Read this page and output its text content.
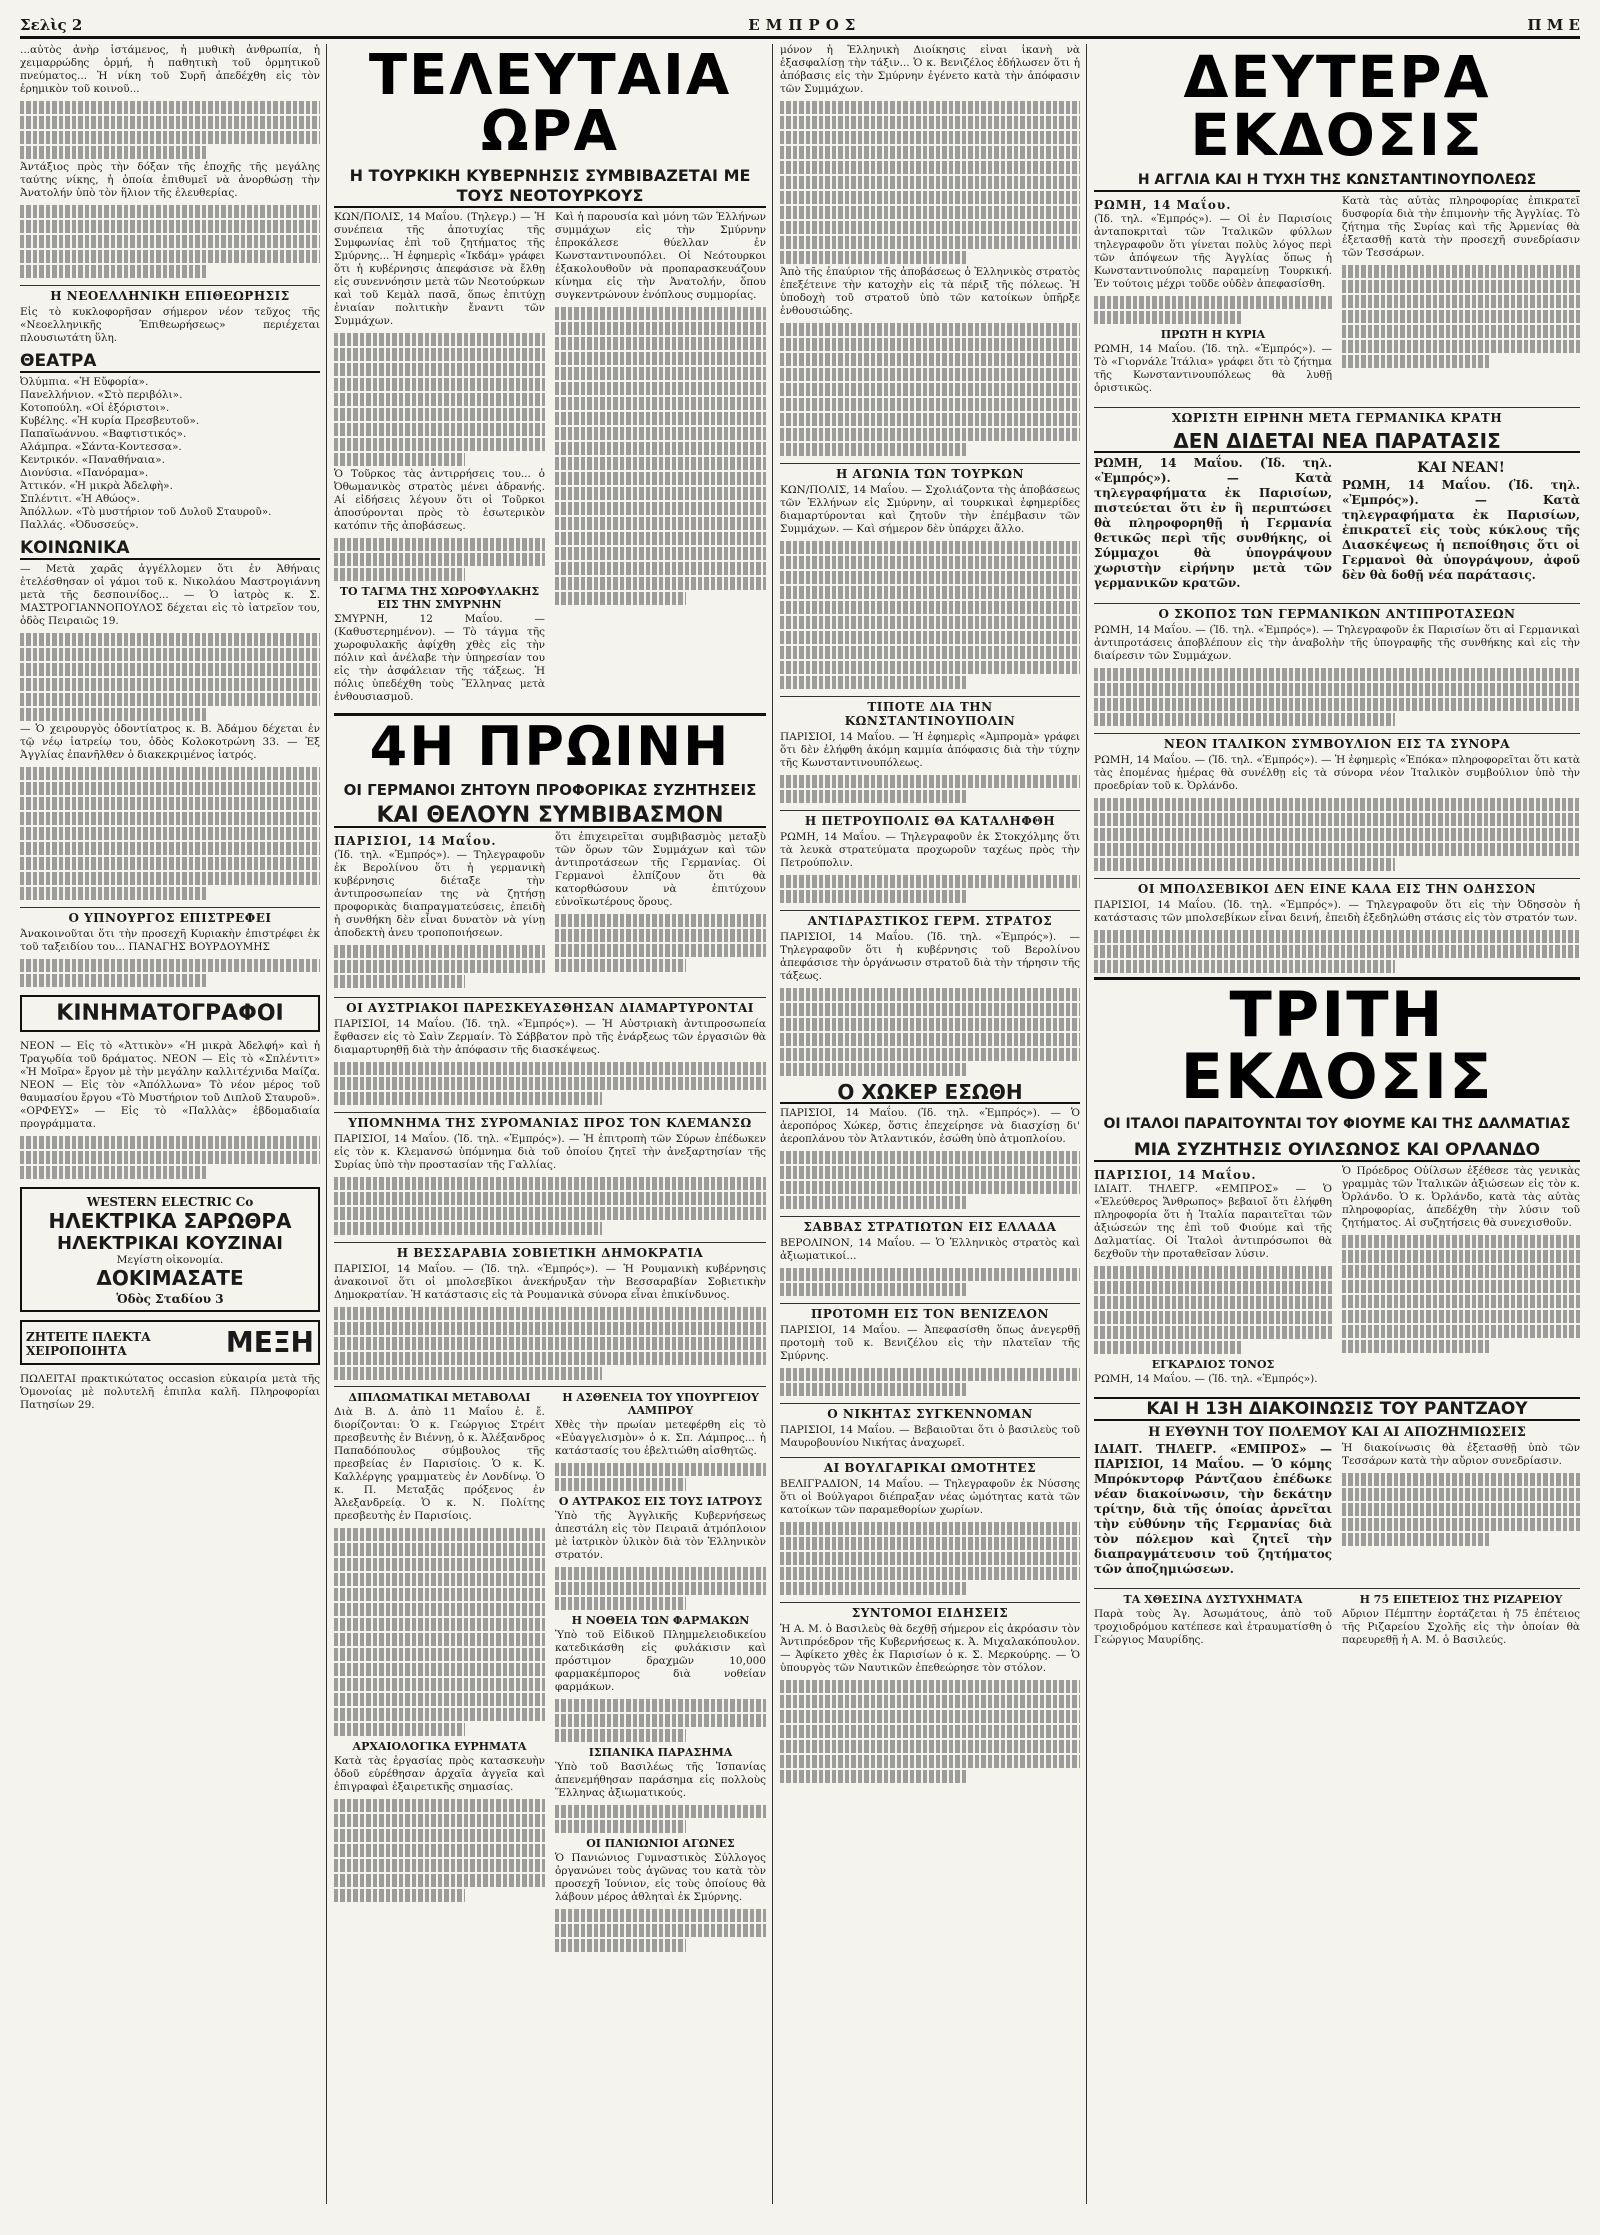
Σελὶς 2	ΕΜΠΡΟΣ	Π Μ Ε

...αὐτὸς ἀνὴρ ἱστάμενος, ἡ μυθικὴ ἀνθρωπία, ἡ χειμαρρώδης ὁρμή, ἡ παθητικὴ τοῦ ὁρμητικοῦ πνεύματος... Ἡ νίκη τοῦ Συρῆ ἀπεδέχθη εἰς τὸν ἐρημικὸν τοῦ κοινοῦ...

Ἀντάξιος πρὸς τὴν δόξαν τῆς ἐποχῆς τῆς μεγάλης ταύτης νίκης, ἡ ὁποία ἐπιθυμεῖ νὰ ἀνορθώσῃ τὴν Ἀνατολήν ὑπὸ τὸν ἥλιον τῆς ἑλευθερίας.

Η ΝΕΟΕΛΛΗΝΙΚΗ ΕΠΙΘΕΩΡΗΣΙΣ

Εἰς τὸ κυκλοφορῆσαν σήμερον νέον τεῦχος τῆς «Νεοελληνικῆς Ἐπιθεωρήσεως» περιέχεται πλουσιωτάτη ὕλη.

ΘΕΑΤΡΑ
Ὀλύμπια. «Ἡ Εὔφορία».
Πανελλήνιον. «Στὸ περιβόλι».
Κοτοπούλη. «Οἱ ἐξόριστοι».
Κυβέλης. «Ἡ κυρία Πρεσβευτοῦ».
Παπαϊωάννου. «Βαφτιστικός».
Αλάμπρα. «Σάντα-Κοντεσσα».
Κεντρικόν. «Παναθήναια».
Διονύσια. «Πανόραμα».
Ἀττικόν. «Ἡ μικρὰ Ἀδελφὴ».
Σπλέντιτ. «Ἡ Αθώος».
Ἀπόλλων. «Τὸ μυστήριον τοῦ Δυλοῦ Σταυροῦ».
Παλλάς. «Ὀδυσσεύς».
ΚΟΙΝΩΝΙΚΑ

— Μετὰ χαρᾶς ἀγγέλλομεν ὅτι ἐν Ἀθήναις ἐτελέσθησαν οἱ γάμοι τοῦ κ. Νικολάου Μαστρογιάννη μετὰ τῆς δεσποινίδος... — Ὁ ἰατρὸς κ. Σ. ΜΑΣΤΡΟΓΙΑΝΝΟΠΟΥΛΟΣ δέχεται εἰς τὸ ἰατρεῖον του, ὁδὸς Πειραιῶς 19.

— Ὁ χειρουργὸς ὀδοντίατρος κ. Β. Ἀδάμου δέχεται ἐν τῷ νέῳ ἰατρείῳ του, ὁδὸς Κολοκοτρώνη 33. — Ἐξ Ἀγγλίας ἐπανῆλθεν ὁ διακεκριμένος ἰατρός.

Ο ΥΠΝΟΥΡΓΟΣ ΕΠΙΣΤΡΕΦΕΙ

Ἀνακοινοῦται ὅτι τὴν προσεχῆ Κυριακὴν ἐπιστρέφει ἐκ τοῦ ταξειδίου του... ΠΑΝΑΓΗΣ ΒΟΥΡΔΟΥΜΗΣ

ΚΙΝΗΜΑΤΟΓΡΑΦΟΙ

ΝΕΟΝ — Εἰς τὸ «Ἀττικὸν» «Ἡ μικρὰ Ἀδελφή» καὶ ἡ Τραγῳδία τοῦ δράματος. ΝΕΟΝ — Εἰς τὸ «Σπλέντιτ» «Ἡ Μοῖρα» ἔργον μὲ τὴν μεγάλην καλλιτέχνιδα Μαίζα. ΝΕΟΝ — Εἰς τὸν «Ἀπόλλωνα» Τὸ νέον μέρος τοῦ θαυμασίου ἔργου «Τὸ Μυστήριον τοῦ Διπλοῦ Σταυροῦ». «ΟΡΦΕΥΣ» — Εἰς τὸ «Παλλὰς» ἐβδομαδιαία προγράμματα.

WESTERN ELECTRIC Co
ΗΛΕΚΤΡΙΚΑ ΣΑΡΩΘΡΑ
ΗΛΕΚΤΡΙΚΑΙ ΚΟΥΖΙΝΑΙ
Μεγίστη οἰκονομία.
ΔΟΚΙΜΑΣΑΤΕ
Ὁδὸς Σταδίου 3
ΖΗΤΕΙΤΕ ΠΛΕΚΤΑ ΧΕΙΡΟΠΟΙΗΤΑ	ΜΕΞΗ

ΠΩΛΕΙΤΑΙ πρακτικώτατος occasion εὐκαιρία μετὰ τῆς Ὁμονοίας μὲ πολυτελῆ ἐπιπλα καλῆ. Πληροφορίαι Πατησίων 29.

ΤΕΛΕΥΤΑΙΑ ΩΡΑ
Η ΤΟΥΡΚΙΚΗ ΚΥΒΕΡΝΗΣΙΣ ΣΥΜΒΙΒΑΖΕΤΑΙ ΜΕ ΤΟΥΣ ΝΕΟΤΟΥΡΚΟΥΣ

ΚΩΝ/ΠΟΛΙΣ, 14 Μαΐου. (Τηλεγρ.) — Ἡ συνέπεια τῆς ἀποτυχίας τῆς Συμφωνίας ἐπὶ τοῦ ζητήματος τῆς Σμύρνης... Ἡ ἐφημερὶς «Ἰκδάμ» γράφει ὅτι ἡ κυβέρνησις ἀπεφάσισε νὰ ἔλθῃ εἰς συνεννόησιν μετὰ τῶν Νεοτούρκων καὶ τοῦ Κεμὰλ πασᾶ, ὅπως ἐπιτύχῃ ἑνιαίαν πολιτικὴν ἔναντι τῶν Συμμάχων.

Ὁ Τοῦρκος τὰς ἀντιρρήσεις του... ὁ Ὀθωμανικὸς στρατὸς μένει ἀδρανής. Αἱ εἰδήσεις λέγουν ὅτι οἱ Τοῦρκοι ἀποσύρονται πρὸς τὸ ἐσωτερικὸν κατόπιν τῆς ἀποβάσεως.

ΤΟ ΤΑΓΜΑ ΤΗΣ ΧΩΡΟΦΥΛΑΚΗΣ ΕΙΣ ΤΗΝ ΣΜΥΡΝΗΝ

ΣΜΥΡΝΗ, 12 Μαΐου. — (Καθυστερημένον). — Τὸ τάγμα τῆς χωροφυλακῆς ἀφίχθη χθὲς εἰς τὴν πόλιν καὶ ἀνέλαβε τὴν ὑπηρεσίαν του εἰς τὴν ἀσφάλειαν τῆς τάξεως. Ἡ πόλις ὑπεδέχθη τοὺς Ἕλληνας μετὰ ἐνθουσιασμοῦ.

Καὶ ἡ παρουσία καὶ μόνη τῶν Ἑλλήνων συμμάχων εἰς τὴν Σμύρνην ἐπροκάλεσε θύελλαν ἐν Κωνσταντινουπόλει. Οἱ Νεότουρκοι ἐξακολουθοῦν νὰ προπαρασκευάζουν κίνημα εἰς τὴν Ἀνατολήν, ὅπου συγκεντρώνουν ἐνόπλους συμμορίας.

4Η ΠΡΩΙΝΗ
ΟΙ ΓΕΡΜΑΝΟΙ ΖΗΤΟΥΝ ΠΡΟΦΟΡΙΚΑΣ ΣΥΖΗΤΗΣΕΙΣ
ΚΑΙ ΘΕΛΟΥΝ ΣΥΜΒΙΒΑΣΜΟΝ
ΠΑΡΙΣΙΟΙ, 14 Μαΐου.

(Ἰδ. τηλ. «Ἐμπρός»). — Τηλεγραφοῦν ἐκ Βερολίνου ὅτι ἡ γερμανικὴ κυβέρνησις διέταξε τὴν ἀντιπροσωπείαν της νὰ ζητήσῃ προφορικὰς διαπραγματεύσεις, ἐπειδὴ ἡ συνθήκη δὲν εἶναι δυνατὸν νὰ γίνῃ ἀποδεκτὴ ἀνευ τροποποιήσεων.

ὅτι ἐπιχειρεῖται συμβιβασμὸς μεταξὺ τῶν ὅρων τῶν Συμμάχων καὶ τῶν ἀντιπροτάσεων τῆς Γερμανίας. Οἱ Γερμανοὶ ἐλπίζουν ὅτι θὰ κατορθώσουν νὰ ἐπιτύχουν εὐνοϊκωτέρους ὅρους.

ΟΙ ΑΥΣΤΡΙΑΚΟΙ ΠΑΡΕΣΚΕΥΑΣΘΗΣΑΝ ΔΙΑΜΑΡΤΥΡΟΝΤΑΙ

ΠΑΡΙΣΙΟΙ, 14 Μαΐου. (Ἰδ. τηλ. «Ἐμπρός»). — Ἡ Αὐστριακὴ ἀντιπροσωπεία ἔφθασεν εἰς τὸ Σαὶν Ζερμαίν. Τὸ Σάββατον πρὸ τῆς ἐνάρξεως τῶν ἐργασιῶν θὰ διαμαρτυρηθῇ διὰ τὴν ἀπόφασιν τῆς διασκέψεως.

ΥΠΟΜΝΗΜΑ ΤΗΣ ΣΥΡΟΜΑΝΙΑΣ ΠΡΟΣ ΤΟΝ ΚΛΕΜΑΝΣΩ

ΠΑΡΙΣΙΟΙ, 14 Μαΐου. (Ἰδ. τηλ. «Ἐμπρός»). — Ἡ ἐπιτροπὴ τῶν Σύρων ἐπέδωκεν εἰς τὸν κ. Κλεμανσώ ὑπόμνημα διὰ τοῦ ὁποίου ζητεῖ τὴν ἀνεξαρτησίαν τῆς Συρίας ὑπὸ τὴν προστασίαν τῆς Γαλλίας.

Η ΒΕΣΣΑΡΑΒΙΑ ΣΟΒΙΕΤΙΚΗ ΔΗΜΟΚΡΑΤΙΑ

ΠΑΡΙΣΙΟΙ, 14 Μαΐου. — (Ἰδ. τηλ. «Ἐμπρός»). — Ἡ Ρουμανικὴ κυβέρνησις ἀνακοινοῖ ὅτι οἱ μπολσεβῖκοι ἀνεκήρυξαν τὴν Βεσσαραβίαν Σοβιετικὴν Δημοκρατίαν. Ἡ κατάστασις εἰς τὰ Ρουμανικὰ σύνορα εἶναι ἐπικίνδυνος.

ΔΙΠΛΩΜΑΤΙΚΑΙ ΜΕΤΑΒΟΛΑΙ

Διὰ Β. Δ. ἀπὸ 11 Μαΐου ἐ. ἔ. διορίζονται: Ὁ κ. Γεώργιος Στρέιτ πρεσβευτὴς ἐν Βιέννῃ, ὁ κ. Ἀλέξανδρος Παπαδόπουλος σύμβουλος τῆς πρεσβείας ἐν Παρισίοις. Ὁ κ. Κ. Καλλέργης γραμματεὺς ἐν Λονδίνῳ. Ὁ κ. Π. Μεταξᾶς πρόξενος ἐν Ἀλεξανδρείᾳ. Ὁ κ. Ν. Πολίτης πρεσβευτὴς ἐν Παρισίοις.

ΑΡΧΑΙΟΛΟΓΙΚΑ ΕΥΡΗΜΑΤΑ

Κατὰ τὰς ἐργασίας πρὸς κατασκευὴν ὁδοῦ εὑρέθησαν ἀρχαῖα ἀγγεῖα καὶ ἐπιγραφαὶ ἐξαιρετικῆς σημασίας.

Η ΑΣΘΕΝΕΙΑ ΤΟΥ ΥΠΟΥΡΓΕΙΟΥ ΛΑΜΠΡΟΥ

Χθὲς τὴν πρωίαν μετεφέρθη εἰς τὸ «Εὐαγγελισμὸν» ὁ κ. Σπ. Λάμπρος... ἡ κατάστασίς του ἐβελτιώθη αἰσθητῶς.

Ο ΑΥΤΡΑΚΟΣ ΕΙΣ ΤΟΥΣ ΙΑΤΡΟΥΣ

Ὑπὸ τῆς Ἀγγλικῆς Κυβερνήσεως ἀπεστάλη εἰς τὸν Πειραιᾶ ἀτμόπλοιον μὲ ἰατρικὸν ὑλικὸν διὰ τὸν Ἑλληνικὸν στρατόν.

Η ΝΟΘΕΙΑ ΤΩΝ ΦΑΡΜΑΚΩΝ

Ὑπὸ τοῦ Εἰδικοῦ Πλημμελειοδικείου κατεδικάσθη εἰς φυλάκισιν καὶ πρόστιμον δραχμῶν 10,000 φαρμακέμπορος διὰ νοθείαν φαρμάκων.

ΙΣΠΑΝΙΚΑ ΠΑΡΑΣΗΜΑ

Ὑπὸ τοῦ Βασιλέως τῆς Ἱσπανίας ἀπενεμήθησαν παράσημα εἰς πολλοὺς Ἕλληνας ἀξιωματικούς.

ΟΙ ΠΑΝΙΩΝΙΟΙ ΑΓΩΝΕΣ

Ὁ Πανιώνιος Γυμναστικὸς Σύλλογος ὀργανώνει τοὺς ἀγῶνας του κατὰ τὸν προσεχῆ Ἰούνιον, εἰς τοὺς ὁποίους θὰ λάβουν μέρος ἀθληταὶ ἐκ Σμύρνης.

μόνον ἡ Ἑλληνικὴ Διοίκησις εἶναι ἱκανὴ νὰ ἐξασφαλίσῃ τὴν τάξιν... Ὁ κ. Βενιζέλος ἐδήλωσεν ὅτι ἡ ἀπόβασις εἰς τὴν Σμύρνην ἐγένετο κατὰ τὴν ἀπόφασιν τῶν Συμμάχων.

Ἀπὸ τῆς ἐπαύριον τῆς ἀποβάσεως ὁ Ἑλληνικὸς στρατὸς ἐπεξέτεινε τὴν κατοχὴν εἰς τὰ πέριξ τῆς πόλεως. Ἡ ὑποδοχὴ τοῦ στρατοῦ ὑπὸ τῶν κατοίκων ὑπῆρξε ἐνθουσιώδης.

Η ΑΓΩΝΙΑ ΤΩΝ ΤΟΥΡΚΩΝ

ΚΩΝ/ΠΟΛΙΣ, 14 Μαΐου. — Σχολιάζοντα τὴς ἀποβάσεως τῶν Ἑλλήνων εἰς Σμύρνην, αἱ τουρκικαὶ ἐφημερίδες διαμαρτύρονται καὶ ζητοῦν τὴν ἐπέμβασιν τῶν Συμμάχων. — Καὶ σήμερον δὲν ὑπάρχει ἄλλο.

ΤΙΠΟΤΕ ΔΙΑ ΤΗΝ ΚΩΝΣΤΑΝΤΙΝΟΥΠΟΛΙΝ

ΠΑΡΙΣΙΟΙ, 14 Μαΐου. — Ἡ ἐφημερὶς «Ἀμπρομὰ» γράφει ὅτι δὲν ἐλήφθη ἀκόμη καμμία ἀπόφασις διὰ τὴν τύχην τῆς Κωνσταντινουπόλεως.

Η ΠΕΤΡΟΥΠΟΛΙΣ ΘΑ ΚΑΤΑΛΗΦΘΗ

ΡΩΜΗ, 14 Μαΐου. — Τηλεγραφοῦν ἐκ Στοκχόλμης ὅτι τὰ λευκὰ στρατεύματα προχωροῦν ταχέως πρὸς τὴν Πετρούπολιν.

ΑΝΤΙΔΡΑΣΤΙΚΟΣ ΓΕΡΜ. ΣΤΡΑΤΟΣ

ΠΑΡΙΣΙΟΙ, 14 Μαΐου. (Ἰδ. τηλ. «Ἐμπρός»). — Τηλεγραφοῦν ὅτι ἡ κυβέρνησις τοῦ Βερολίνου ἀπεφάσισε τὴν ὀργάνωσιν στρατοῦ διὰ τὴν τήρησιν τῆς τάξεως.

Ο ΧΩΚΕΡ ΕΣΩΘΗ

ΠΑΡΙΣΙΟΙ, 14 Μαΐου. (Ἰδ. τηλ. «Ἐμπρός»). — Ὁ ἀεροπόρος Χώκερ, ὅστις ἐπεχείρησε νὰ διασχίσῃ δι' ἀεροπλάνου τὸν Ἀτλαντικόν, ἐσώθη ὑπὸ ἀτμοπλοίου.

ΣΑΒΒΑΣ ΣΤΡΑΤΙΩΤΩΝ ΕΙΣ ΕΛΛΑΔΑ

ΒΕΡΟΛΙΝΟΝ, 14 Μαΐου. — Ὁ Ἑλληνικὸς στρατὸς καὶ ἀξιωματικοί...

ΠΡΟΤΟΜΗ ΕΙΣ ΤΟΝ ΒΕΝΙΖΕΛΟΝ

ΠΑΡΙΣΙΟΙ, 14 Μαΐου. — Ἀπεφασίσθη ὅπως ἀνεγερθῇ προτομὴ τοῦ κ. Βενιζέλου εἰς τὴν πλατεῖαν τῆς Σμύρνης.

Ο ΝΙΚΗΤΑΣ ΣΥΓΚΕΝΝΟΜΑΝ

ΠΑΡΙΣΙΟΙ, 14 Μαΐου. — Βεβαιοῦται ὅτι ὁ βασιλεὺς τοῦ Μαυροβουνίου Νικήτας ἀναχωρεῖ.

ΑΙ ΒΟΥΛΓΑΡΙΚΑΙ ΩΜΟΤΗΤΕΣ

ΒΕΛΙΓΡΑΔΙΟΝ, 14 Μαΐου. — Τηλεγραφοῦν ἐκ Νύσσης ὅτι οἱ Βούλγαροι διέπραξαν νέας ὠμότητας κατὰ τῶν κατοίκων τῶν παραμεθορίων χωρίων.

ΣΥΝΤΟΜΟΙ ΕΙΔΗΣΕΙΣ

Ἡ Α. Μ. ὁ Βασιλεὺς θὰ δεχθῇ σήμερον εἰς ἀκρόασιν τὸν Ἀντιπρόεδρον τῆς Κυβερνήσεως κ. Ἀ. Μιχαλακόπουλον. — Ἀφίκετο χθὲς ἐκ Παρισίων ὁ κ. Σ. Μερκούρης. — Ὁ ὑπουργὸς τῶν Ναυτικῶν ἐπεθεώρησε τὸν στόλον.

ΔΕΥΤΕΡΑ ΕΚΔΟΣΙΣ
Η ΑΓΓΛΙΑ ΚΑΙ Η ΤΥΧΗ ΤΗΣ ΚΩΝΣΤΑΝΤΙΝΟΥΠΟΛΕΩΣ
ΡΩΜΗ, 14 Μαΐου.

(Ἰδ. τηλ. «Ἐμπρός»). — Οἱ ἐν Παρισίοις ἀνταποκριταὶ τῶν Ἰταλικῶν φύλλων τηλεγραφοῦν ὅτι γίνεται πολὺς λόγος περὶ τῶν ἀπόψεων τῆς Ἀγγλίας ὅπως ἡ Κωνσταντινούπολις παραμείνῃ Τουρκική. Ἐν τούτοις μέχρι τοῦδε οὐδὲν ἀπεφασίσθη.

ΠΡΩΤΗ Η ΚΥΡΙΑ

ΡΩΜΗ, 14 Μαΐου. (Ἰδ. τηλ. «Ἐμπρός»). — Τὸ «Γιορνάλε Ἰτάλια» γράφει ὅτι τὸ ζήτημα τῆς Κωνσταντινουπόλεως θὰ λυθῇ ὁριστικῶς.

Κατὰ τὰς αὐτὰς πληροφορίας ἐπικρατεῖ δυσφορία διὰ τὴν ἐπιμονὴν τῆς Ἀγγλίας. Τὸ ζήτημα τῆς Συρίας καὶ τῆς Ἀρμενίας θὰ ἐξετασθῇ κατὰ τὴν προσεχῆ συνεδρίασιν τῶν Τεσσάρων.

ΧΩΡΙΣΤΗ ΕΙΡΗΝΗ ΜΕΤΑ ΓΕΡΜΑΝΙΚΑ ΚΡΑΤΗ
ΔΕΝ ΔΙΔΕΤΑΙ ΝΕΑ ΠΑΡΑΤΑΣΙΣ

ΡΩΜΗ, 14 Μαΐου. (Ἰδ. τηλ. «Ἐμπρός»). — Κατὰ τηλεγραφήματα ἐκ Παρισίων, πιστεύεται ὅτι ἐν ἣ περιπτώσει θὰ πληροφορηθῇ ἡ Γερμανία θετικῶς περὶ τῆς συνθήκης, οἱ Σύμμαχοι θὰ ὑπογράψουν χωριστὴν εἰρήνην μετὰ τῶν γερμανικῶν κρατῶν.

ΚΑΙ ΝΕΑΝ!

ΡΩΜΗ, 14 Μαΐου. (Ἰδ. τηλ. «Ἐμπρός»). — Κατὰ τηλεγραφήματα ἐκ Παρισίων, ἐπικρατεῖ εἰς τοὺς κύκλους τῆς Διασκέψεως ἡ πεποίθησις ὅτι οἱ Γερμανοὶ θὰ ὑπογράψουν, ἀφοῦ δὲν θὰ δοθῇ νέα παράτασις.

Ο ΣΚΟΠΟΣ ΤΩΝ ΓΕΡΜΑΝΙΚΩΝ ΑΝΤΙΠΡΟΤΑΣΕΩΝ

ΡΩΜΗ, 14 Μαΐου. — (Ἰδ. τηλ. «Ἐμπρός»). — Τηλεγραφοῦν ἐκ Παρισίων ὅτι αἱ Γερμανικαὶ ἀντιπροτάσεις ἀποβλέπουν εἰς τὴν ἀναβολὴν τῆς ὑπογραφῆς τῆς συνθήκης καὶ εἰς τὴν διαίρεσιν τῶν Συμμάχων.

ΝΕΟΝ ΙΤΑΛΙΚΟΝ ΣΥΜΒΟΥΛΙΟΝ ΕΙΣ ΤΑ ΣΥΝΟΡΑ

ΡΩΜΗ, 14 Μαΐου. — (Ἰδ. τηλ. «Ἐμπρός»). — Ἡ ἐφημερὶς «Ἐπόκα» πληροφορεῖται ὅτι κατὰ τὰς ἐπομένας ἡμέρας θὰ συνέλθῃ εἰς τὰ σύνορα νέον Ἰταλικὸν συμβούλιον ὑπὸ τὴν προεδρίαν τοῦ κ. Ὀρλάνδο.

ΟΙ ΜΠΟΛΣΕΒΙΚΟΙ ΔΕΝ ΕΙΝΕ ΚΑΛΑ ΕΙΣ ΤΗΝ ΟΔΗΣΣΟΝ

ΠΑΡΙΣΙΟΙ, 14 Μαΐου. (Ἰδ. τηλ. «Ἐμπρός»). — Τηλεγραφοῦν ὅτι εἰς τὴν Ὀδησσὸν ἡ κατάστασις τῶν μπολσεβίκων εἶναι δεινή, ἐπειδὴ ἐξεδηλώθη στάσις εἰς τὸν στρατόν των.

ΤΡΙΤΗ ΕΚΔΟΣΙΣ
ΟΙ ΙΤΑΛΟΙ ΠΑΡΑΙΤΟΥΝΤΑΙ ΤΟΥ ΦΙΟΥΜΕ ΚΑΙ ΤΗΣ ΔΑΛΜΑΤΙΑΣ
ΜΙΑ ΣΥΖΗΤΗΣΙΣ ΟΥΙΛΣΩΝΟΣ ΚΑΙ ΟΡΛΑΝΔΟ
ΠΑΡΙΣΙΟΙ, 14 Μαΐου.

ΙΔΙΑΙΤ. ΤΗΛΕΓΡ. «ΕΜΠΡΟΣ» — Ὁ «Ἐλεύθερος Ἄνθρωπος» βεβαιοῖ ὅτι ἐλήφθη πληροφορία ὅτι ἡ Ἰταλία παραιτεῖται τῶν ἀξιώσεών της ἐπὶ τοῦ Φιούμε καὶ τῆς Δαλματίας. Οἱ Ἰταλοὶ ἀντιπρόσωποι θὰ δεχθοῦν τὴν προταθεῖσαν λύσιν.

ΕΓΚΑΡΔΙΟΣ ΤΟΝΟΣ

ΡΩΜΗ, 14 Μαΐου. — (Ἰδ. τηλ. «Ἐμπρός»).

Ὁ Πρόεδρος Οὐίλσων ἐξέθεσε τὰς γενικὰς γραμμὰς τῶν Ἰταλικῶν ἀξιώσεων εἰς τὸν κ. Ὀρλάνδο. Ὁ κ. Ὀρλάνδο, κατὰ τὰς αὐτὰς πληροφορίας, ἀπεδέχθη τὴν λύσιν τοῦ ζητήματος. Αἱ συζητήσεις θὰ συνεχισθοῦν.

ΚΑΙ Η 13Η ΔΙΑΚΟΙΝΩΣΙΣ ΤΟΥ ΡΑΝΤΖΑΟΥ
Η ΕΥΘΥΝΗ ΤΟΥ ΠΟΛΕΜΟΥ ΚΑΙ ΑΙ ΑΠΟΖΗΜΙΩΣΕΙΣ

ΙΔΙΑΙΤ. ΤΗΛΕΓΡ. «ΕΜΠΡΟΣ» — ΠΑΡΙΣΙΟΙ, 14 Μαΐου. — Ὁ κόμης Μπρόκντορφ Ράντζαου ἐπέδωκε νέαν διακοίνωσιν, τὴν δεκάτην τρίτην, διὰ τῆς ὁποίας ἀρνεῖται τὴν εὐθύνην τῆς Γερμανίας διὰ τὸν πόλεμον καὶ ζητεῖ τὴν διαπραγμάτευσιν τοῦ ζητήματος τῶν ἀποζημιώσεων.

Ἡ διακοίνωσις θὰ ἐξετασθῇ ὑπὸ τῶν Τεσσάρων κατὰ τὴν αὔριον συνεδρίασιν.

ΤΑ ΧΘΕΣΙΝΑ ΔΥΣΤΥΧΗΜΑΤΑ

Παρὰ τοὺς Ἁγ. Ἀσωμάτους, ἀπὸ τοῦ τροχιοδρόμου κατέπεσε καὶ ἐτραυματίσθη ὁ Γεώργιος Μαυρίδης.

Η 75 ΕΠΕΤΕΙΟΣ ΤΗΣ ΡΙΖΑΡΕΙΟΥ

Αὔριον Πέμπτην ἑορτάζεται ἡ 75 ἐπέτειος τῆς Ριζαρείου Σχολῆς εἰς τὴν ὁποίαν θὰ παρευρεθῇ ἡ Α. Μ. ὁ Βασιλεύς.
